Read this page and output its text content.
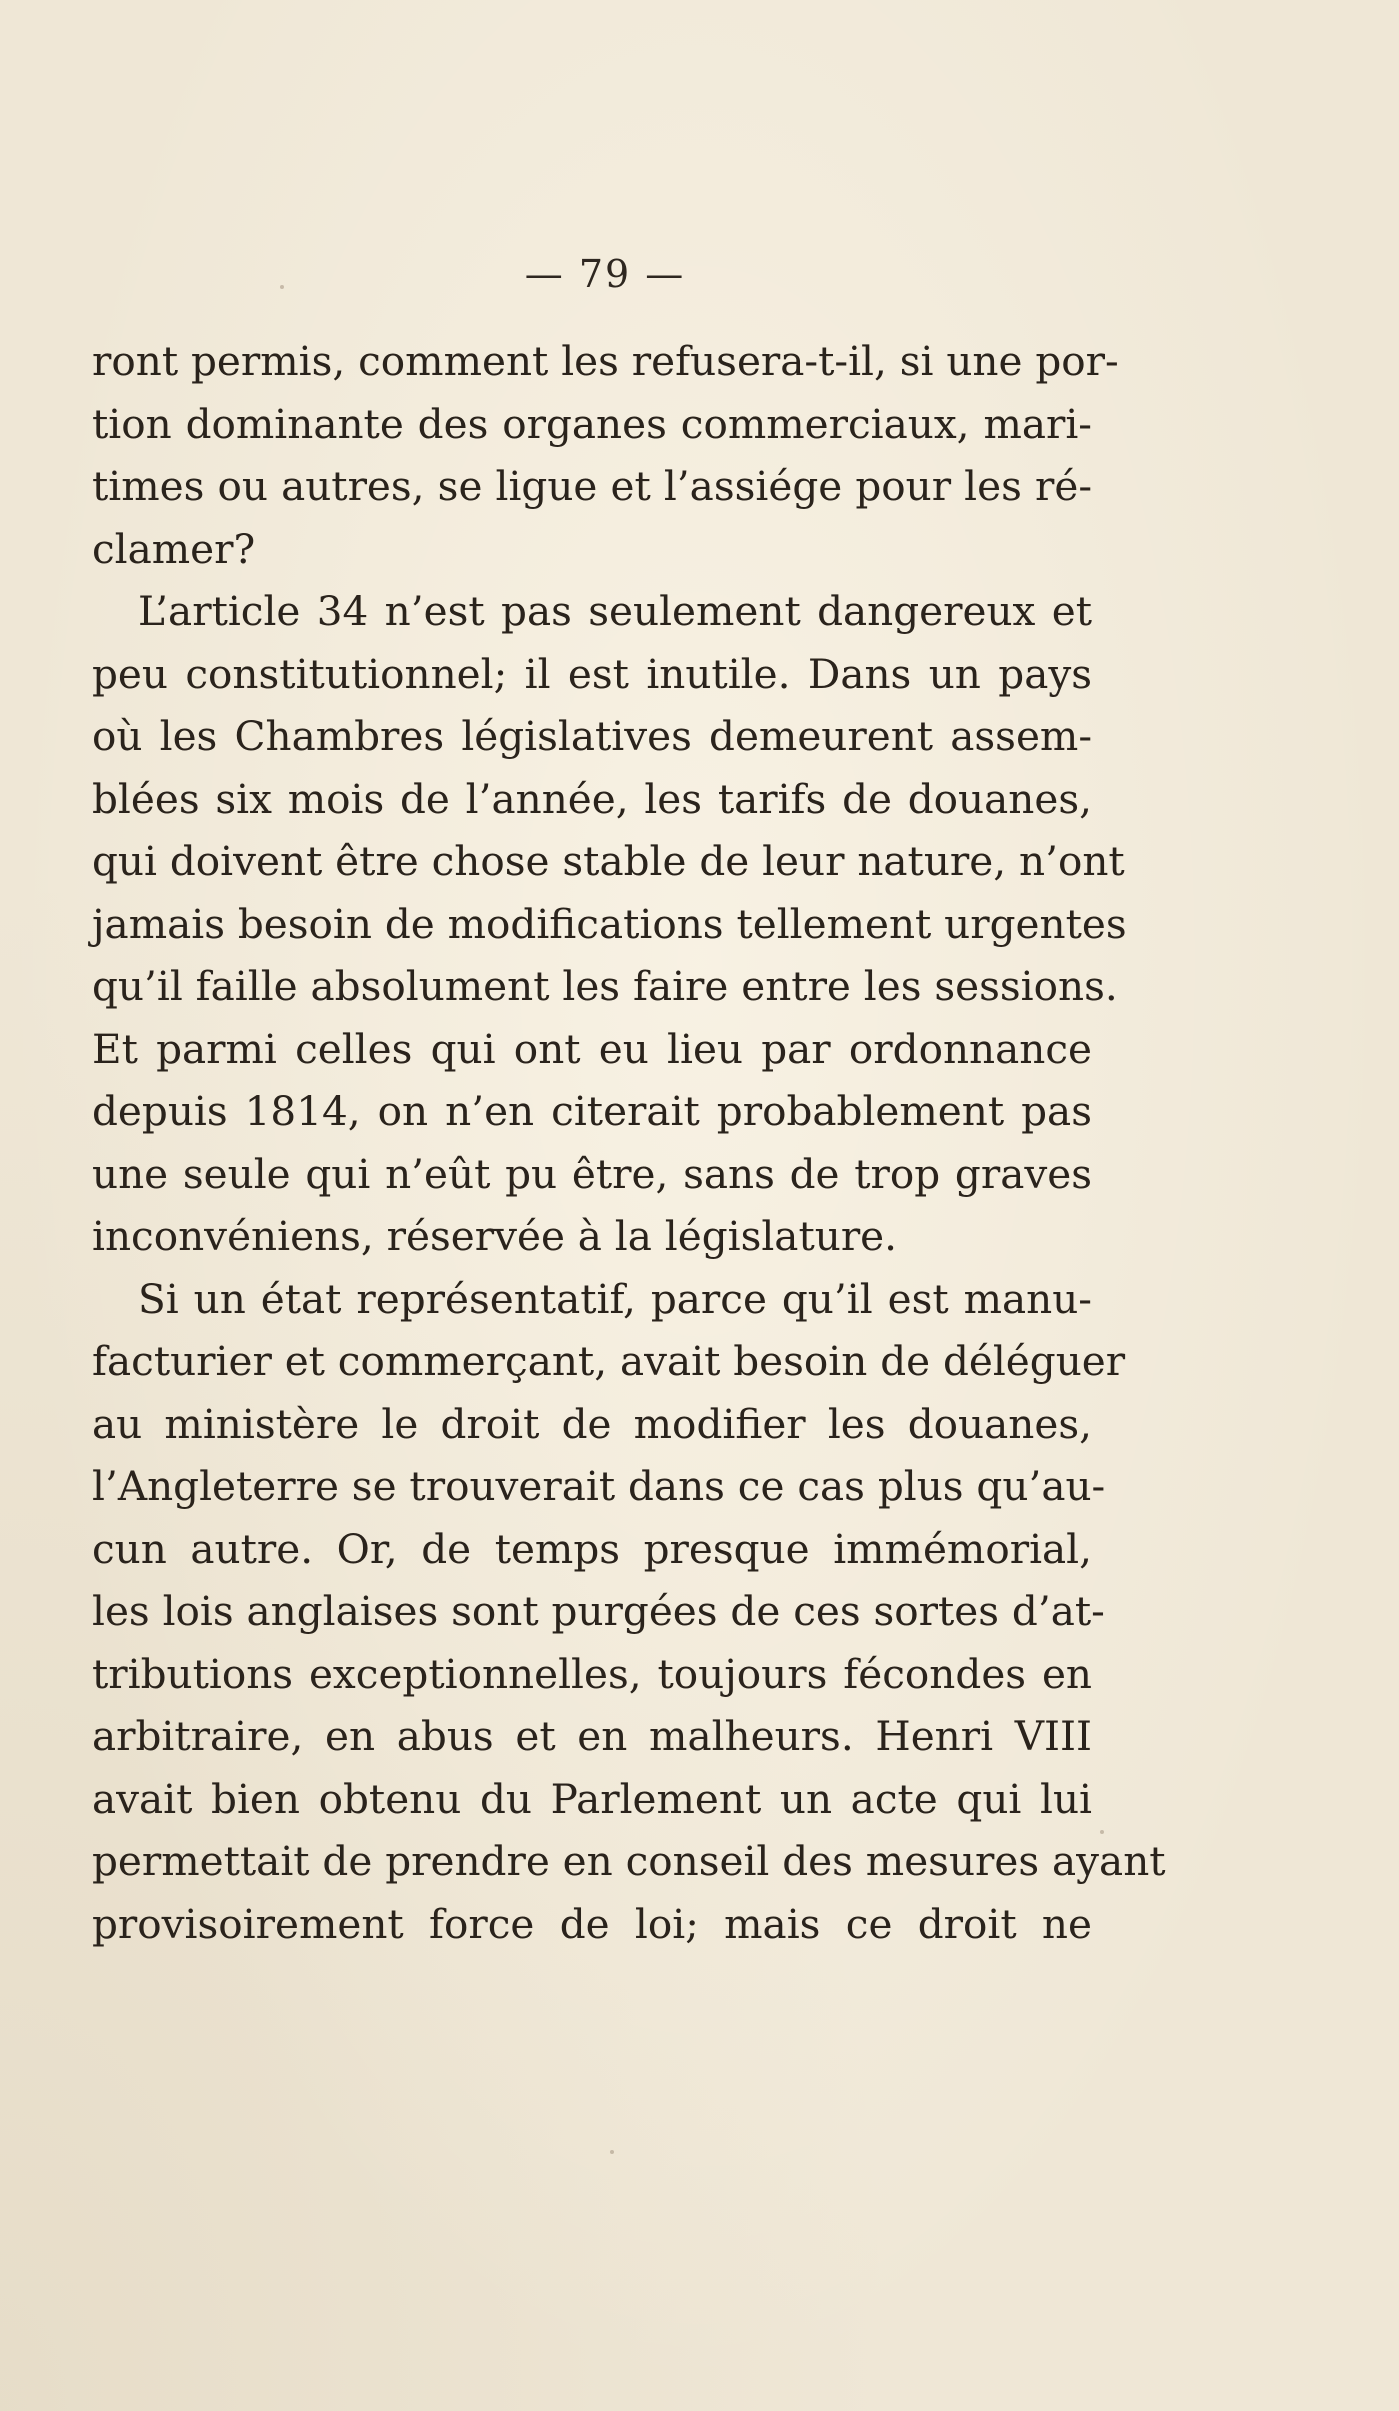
— 79 —
ront permis, comment les refusera-t-il, si une por-
tion dominante des organes commerciaux, mari-
times ou autres, se ligue et l’assiége pour les ré-
clamer?
L’article 34 n’est pas seulement dangereux et
peu constitutionnel; il est inutile. Dans un pays
où les Chambres législatives demeurent assem-
blées six mois de l’année, les tarifs de douanes,
qui doivent être chose stable de leur nature, n’ont
jamais besoin de modifications tellement urgentes
qu’il faille absolument les faire entre les sessions.
Et parmi celles qui ont eu lieu par ordonnance
depuis 1814, on n’en citerait probablement pas
une seule qui n’eût pu être, sans de trop graves
inconvéniens, réservée à la législature.
Si un état représentatif, parce qu’il est manu-
facturier et commerçant, avait besoin de déléguer
au ministère le droit de modifier les douanes,
l’Angleterre se trouverait dans ce cas plus qu’au-
cun autre. Or, de temps presque immémorial,
les lois anglaises sont purgées de ces sortes d’at-
tributions exceptionnelles, toujours fécondes en
arbitraire, en abus et en malheurs. Henri VIII
avait bien obtenu du Parlement un acte qui lui
permettait de prendre en conseil des mesures ayant
provisoirement force de loi; mais ce droit ne
